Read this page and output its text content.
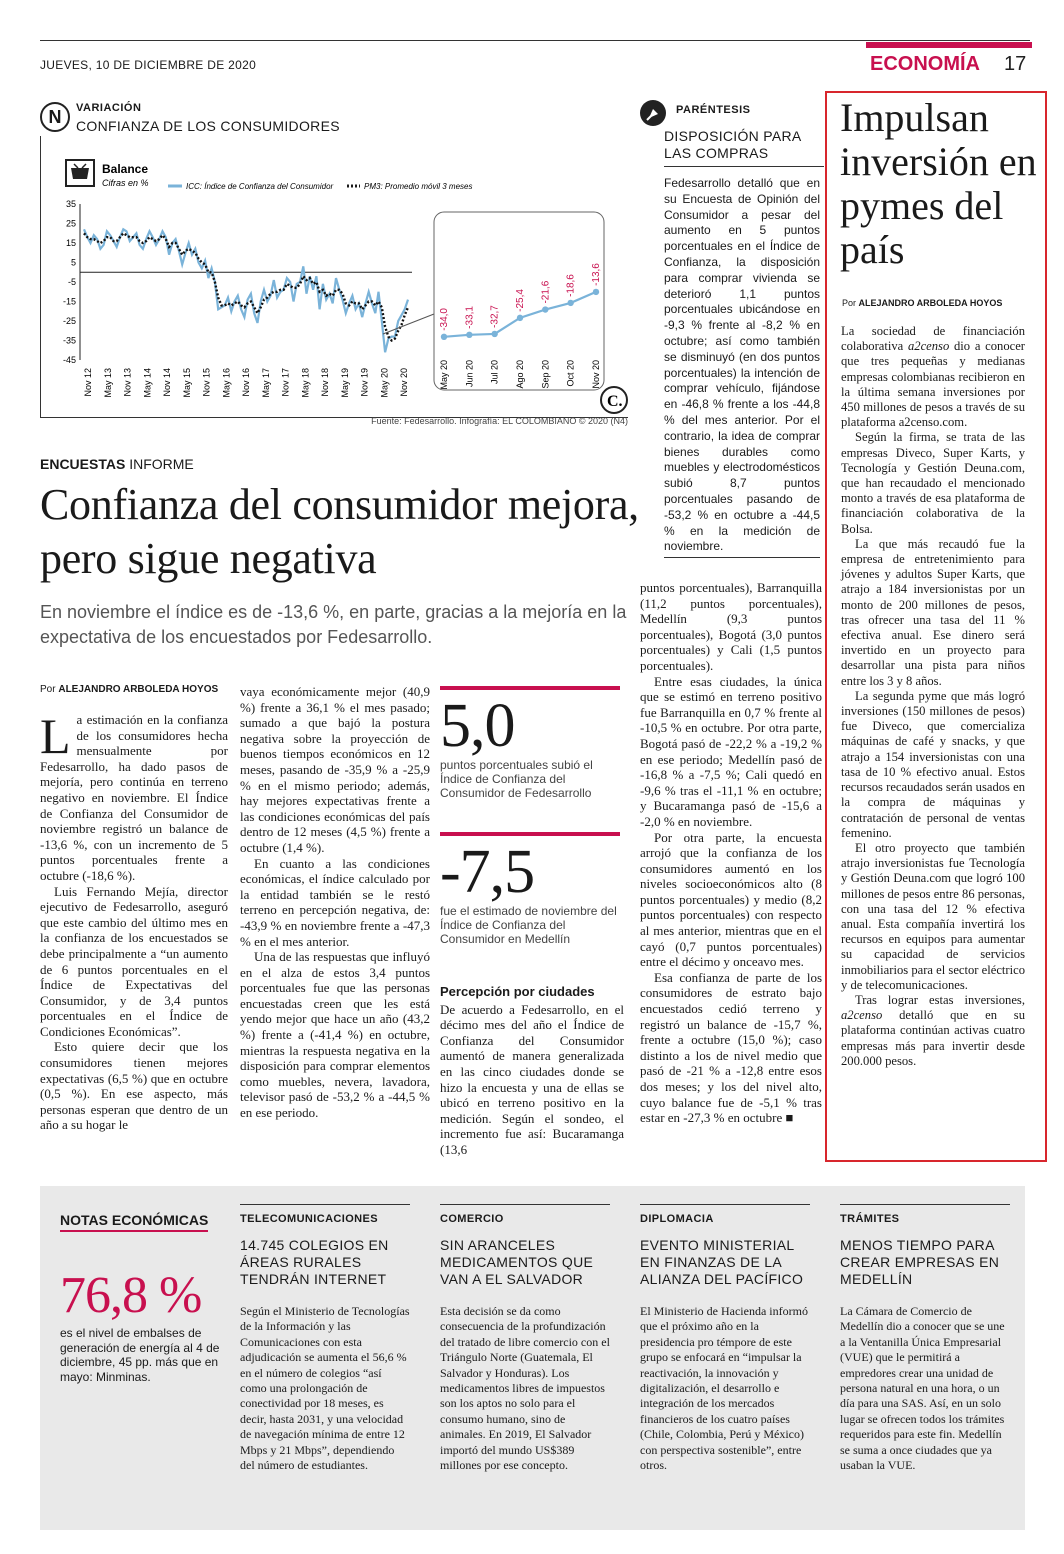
JUEVES, 10 DE DICIEMBRE DE 2020	ECONOMÍA 17
N	VARIACIÓN
CONFIANZA DE LOS CONSUMIDORES
Balance
Cifras en %	ICC: Índice de Confianza del Consumidor	PM3: Promedio móvil 3 meses
35
25
15
5
-5
-15
-25
-35
-45
Nov 12 May 13 Nov 13 May 14 Nov 14 May 15 Nov 15 May 16 Nov 16 May 17 Nov 17 May 18 Nov 18 May 19 Nov 19 May 20 Nov 20
-34,0
May 20
-33,1
Jun 20
-32,7
Jul 20
-25,4
Ago 20
-21,6
Sep 20
-18,6
Oct 20
-13,6
Nov 20
C.
Fuente: Fedesarrollo. Infografía: EL COLOMBIANO © 2020 (N4)
PARÉNTESIS
DISPOSICIÓN PARA LAS COMPRAS
Fedesarrollo detalló que en su Encuesta de Opinión del Consumidor a pesar del aumento en 5 puntos porcentuales en el Índice de Confianza, la disposición para comprar vivienda se deterioró 1,1 puntos porcentuales ubicándose en -9,3 % frente al -8,2 % en octubre; así como también se disminuyó (en dos puntos porcentuales) la intención de comprar vehículo, fijándose en -46,8 % frente a los -44,8 % del mes anterior. Por el contrario, la idea de comprar bienes durables como muebles y electrodomésticos subió 8,7 puntos porcentuales pasando de -53,2 % en octubre a -44,5 % en la medición de noviembre.
ENCUESTAS INFORME
Confianza del consumidor mejora, pero sigue negativa
En noviembre el índice es de -13,6 %, en parte, gracias a la mejoría en la expectativa de los encuestados por Fedesarrollo.
Por ALEJANDRO ARBOLEDA HOYOS

La estimación en la confianza de los consumidores hecha mensualmente por Fedesarrollo, ha dado pasos de mejoría, pero continúa en terreno negativo en noviembre. El Índice de Confianza del Consumidor de noviembre registró un balance de -13,6 %, con un incremento de 5 puntos porcentuales frente a octubre (-18,6 %).

Luis Fernando Mejía, director ejecutivo de Fedesarrollo, aseguró que este cambio del último mes en la confianza de los encuestados se debe principalmente a “un aumento de 6 puntos porcentuales en el Índice de Expectativas del Consumidor, y de 3,4 puntos porcentuales en el Índice de Condiciones Económicas”.

Esto quiere decir que los consumidores tienen mejores expectativas (6,5 %) que en octubre (0,5 %). En ese aspecto, más personas esperan que dentro de un año a su hogar le

vaya económicamente mejor (40,9 %) frente a 36,1 % el mes pasado; sumado a que bajó la postura negativa sobre la proyección de buenos tiempos económicos en 12 meses, pasando de -35,9 % a -25,9 % en el mismo periodo; además, hay mejores expectativas frente a las condiciones económicas del país dentro de 12 meses (4,5 %) frente a octubre (1,4 %).

En cuanto a las condiciones económicas, el índice calculado por la entidad también se le restó terreno en percepción negativa, de: -43,9 % en noviembre frente a -47,3 % en el mes anterior.

Una de las respuestas que influyó en el alza de estos 3,4 puntos porcentuales fue que las personas encuestadas creen que les está yendo mejor que hace un año (43,2 %) frente a (-41,4 %) en octubre, mientras la respuesta negativa en la disposición para comprar elementos como muebles, nevera, lavadora, televisor pasó de -53,2 % a -44,5 % en ese periodo.

5,0
puntos porcentuales subió el Índice de Confianza del Consumidor de Fedesarrollo
-7,5
fue el estimado de noviembre del Índice de Confianza del Consumidor en Medellín
Percepción por ciudades

De acuerdo a Fedesarrollo, en el décimo mes del año el Índice de Confianza del Consumidor aumentó de manera generalizada en las cinco ciudades donde se hizo la encuesta y una de ellas se ubicó en terreno positivo en la medición. Según el sondeo, el incremento fue así: Bucaramanga (13,6

puntos porcentuales), Barranquilla (11,2 puntos porcentuales), Medellín (9,3 puntos porcentuales), Bogotá (3,0 puntos porcentuales) y Cali (1,5 puntos porcentuales).

Entre esas ciudades, la única que se estimó en terreno positivo fue Barranquilla en 0,7 % frente al -10,5 % en octubre. Por otra parte, Bogotá pasó de -22,2 % a -19,2 % en ese periodo; Medellín pasó de -16,8 % a -7,5 %; Cali quedó en -9,6 % tras el -11,1 % en octubre; y Bucaramanga pasó de -15,6 a -2,0 % en noviembre.

Por otra parte, la encuesta arrojó que la confianza de los consumidores aumentó en los niveles socioeconómicos alto (8 puntos porcentuales) y medio (8,2 puntos porcentuales) con respecto al mes anterior, mientras que en el cayó (0,7 puntos porcentuales) entre el décimo y onceavo mes.

Esa confianza de parte de los consumidores de estrato bajo encuestados cedió terreno y registró un balance de -15,7 %, frente a octubre (15,0 %); caso distinto a los de nivel medio que pasó de -21 % a -12,8 entre esos dos meses; y los del nivel alto, cuyo balance fue de -5,1 % tras estar en -27,3 % en octubre ■

Impulsan inversión en pymes del país
Por ALEJANDRO ARBOLEDA HOYOS

La sociedad de financiación colaborativa a2censo dio a conocer que tres pequeñas y medianas empresas colombianas recibieron en la última semana inversiones por 450 millones de pesos a través de su plataforma a2censo.com.

Según la firma, se trata de las empresas Diveco, Super Karts, y Tecnología y Gestión Deuna.com, que han recaudado el mencionado monto a través de esa plataforma de financiación colaborativa de la Bolsa.

La que más recaudó fue la empresa de entretenimiento para jóvenes y adultos Super Karts, que atrajo a 184 inversionistas por un monto de 200 millones de pesos, tras ofrecer una tasa del 11 % efectiva anual. Ese dinero será invertido en un proyecto para desarrollar una pista para niños entre los 3 y 8 años.

La segunda pyme que más logró inversiones (150 millones de pesos) fue Diveco, que comercializa máquinas de café y snacks, y que atrajo a 154 inversionistas con una tasa de 10 % efectivo anual. Estos recursos recaudados serán usados en la compra de máquinas y contratación de personal de ventas femenino.

El otro proyecto que también atrajo inversionistas fue Tecnología y Gestión Deuna.com que logró 100 millones de pesos entre 86 personas, con una tasa del 12 % efectiva anual. Esta compañía invertirá los recursos en equipos para aumentar su capacidad de servicios inmobiliarios para el sector eléctrico y de telecomunicaciones.

Tras lograr estas inversiones, a2censo detalló que en su plataforma continúan activas cuatro empresas más para invertir desde 200.000 pesos.

NOTAS ECONÓMICAS
76,8 %
es el nivel de embalses de generación de energía al 4 de diciembre, 45 pp. más que en mayo: Minminas.
TELECOMUNICACIONES
14.745 COLEGIOS EN ÁREAS RURALES TENDRÁN INTERNET
Según el Ministerio de Tecnologías de la Información y las Comunicaciones con esta adjudicación se aumenta el 56,6 % en el número de colegios “así como una prolongación de conectividad por 18 meses, es decir, hasta 2031, y una velocidad de navegación mínima de entre 12 Mbps y 21 Mbps”, dependiendo del número de estudiantes.
COMERCIO
SIN ARANCELES MEDICAMENTOS QUE VAN A EL SALVADOR
Esta decisión se da como consecuencia de la profundización del tratado de libre comercio con el Triángulo Norte (Guatemala, El Salvador y Honduras). Los medicamentos libres de impuestos son los aptos no solo para el consumo humano, sino de animales. En 2019, El Salvador importó del mundo US$389 millones por ese concepto.
DIPLOMACIA
EVENTO MINISTERIAL EN FINANZAS DE LA ALIANZA DEL PACÍFICO
El Ministerio de Hacienda informó que el próximo año en la presidencia pro témpore de este grupo se enfocará en “impulsar la reactivación, la innovación y digitalización, el desarrollo e integración de los mercados financieros de los cuatro países (Chile, Colombia, Perú y México) con perspectiva sostenible”, entre otros.
TRÁMITES
MENOS TIEMPO PARA CREAR EMPRESAS EN MEDELLÍN
La Cámara de Comercio de Medellín dio a conocer que se une a la Ventanilla Única Empresarial (VUE) que le permitirá a empredores crear una unidad de persona natural en una hora, o un día para una SAS. Así, en un solo lugar se ofrecen todos los trámites requeridos para este fin. Medellín se suma a once ciudades que ya usaban la VUE.
